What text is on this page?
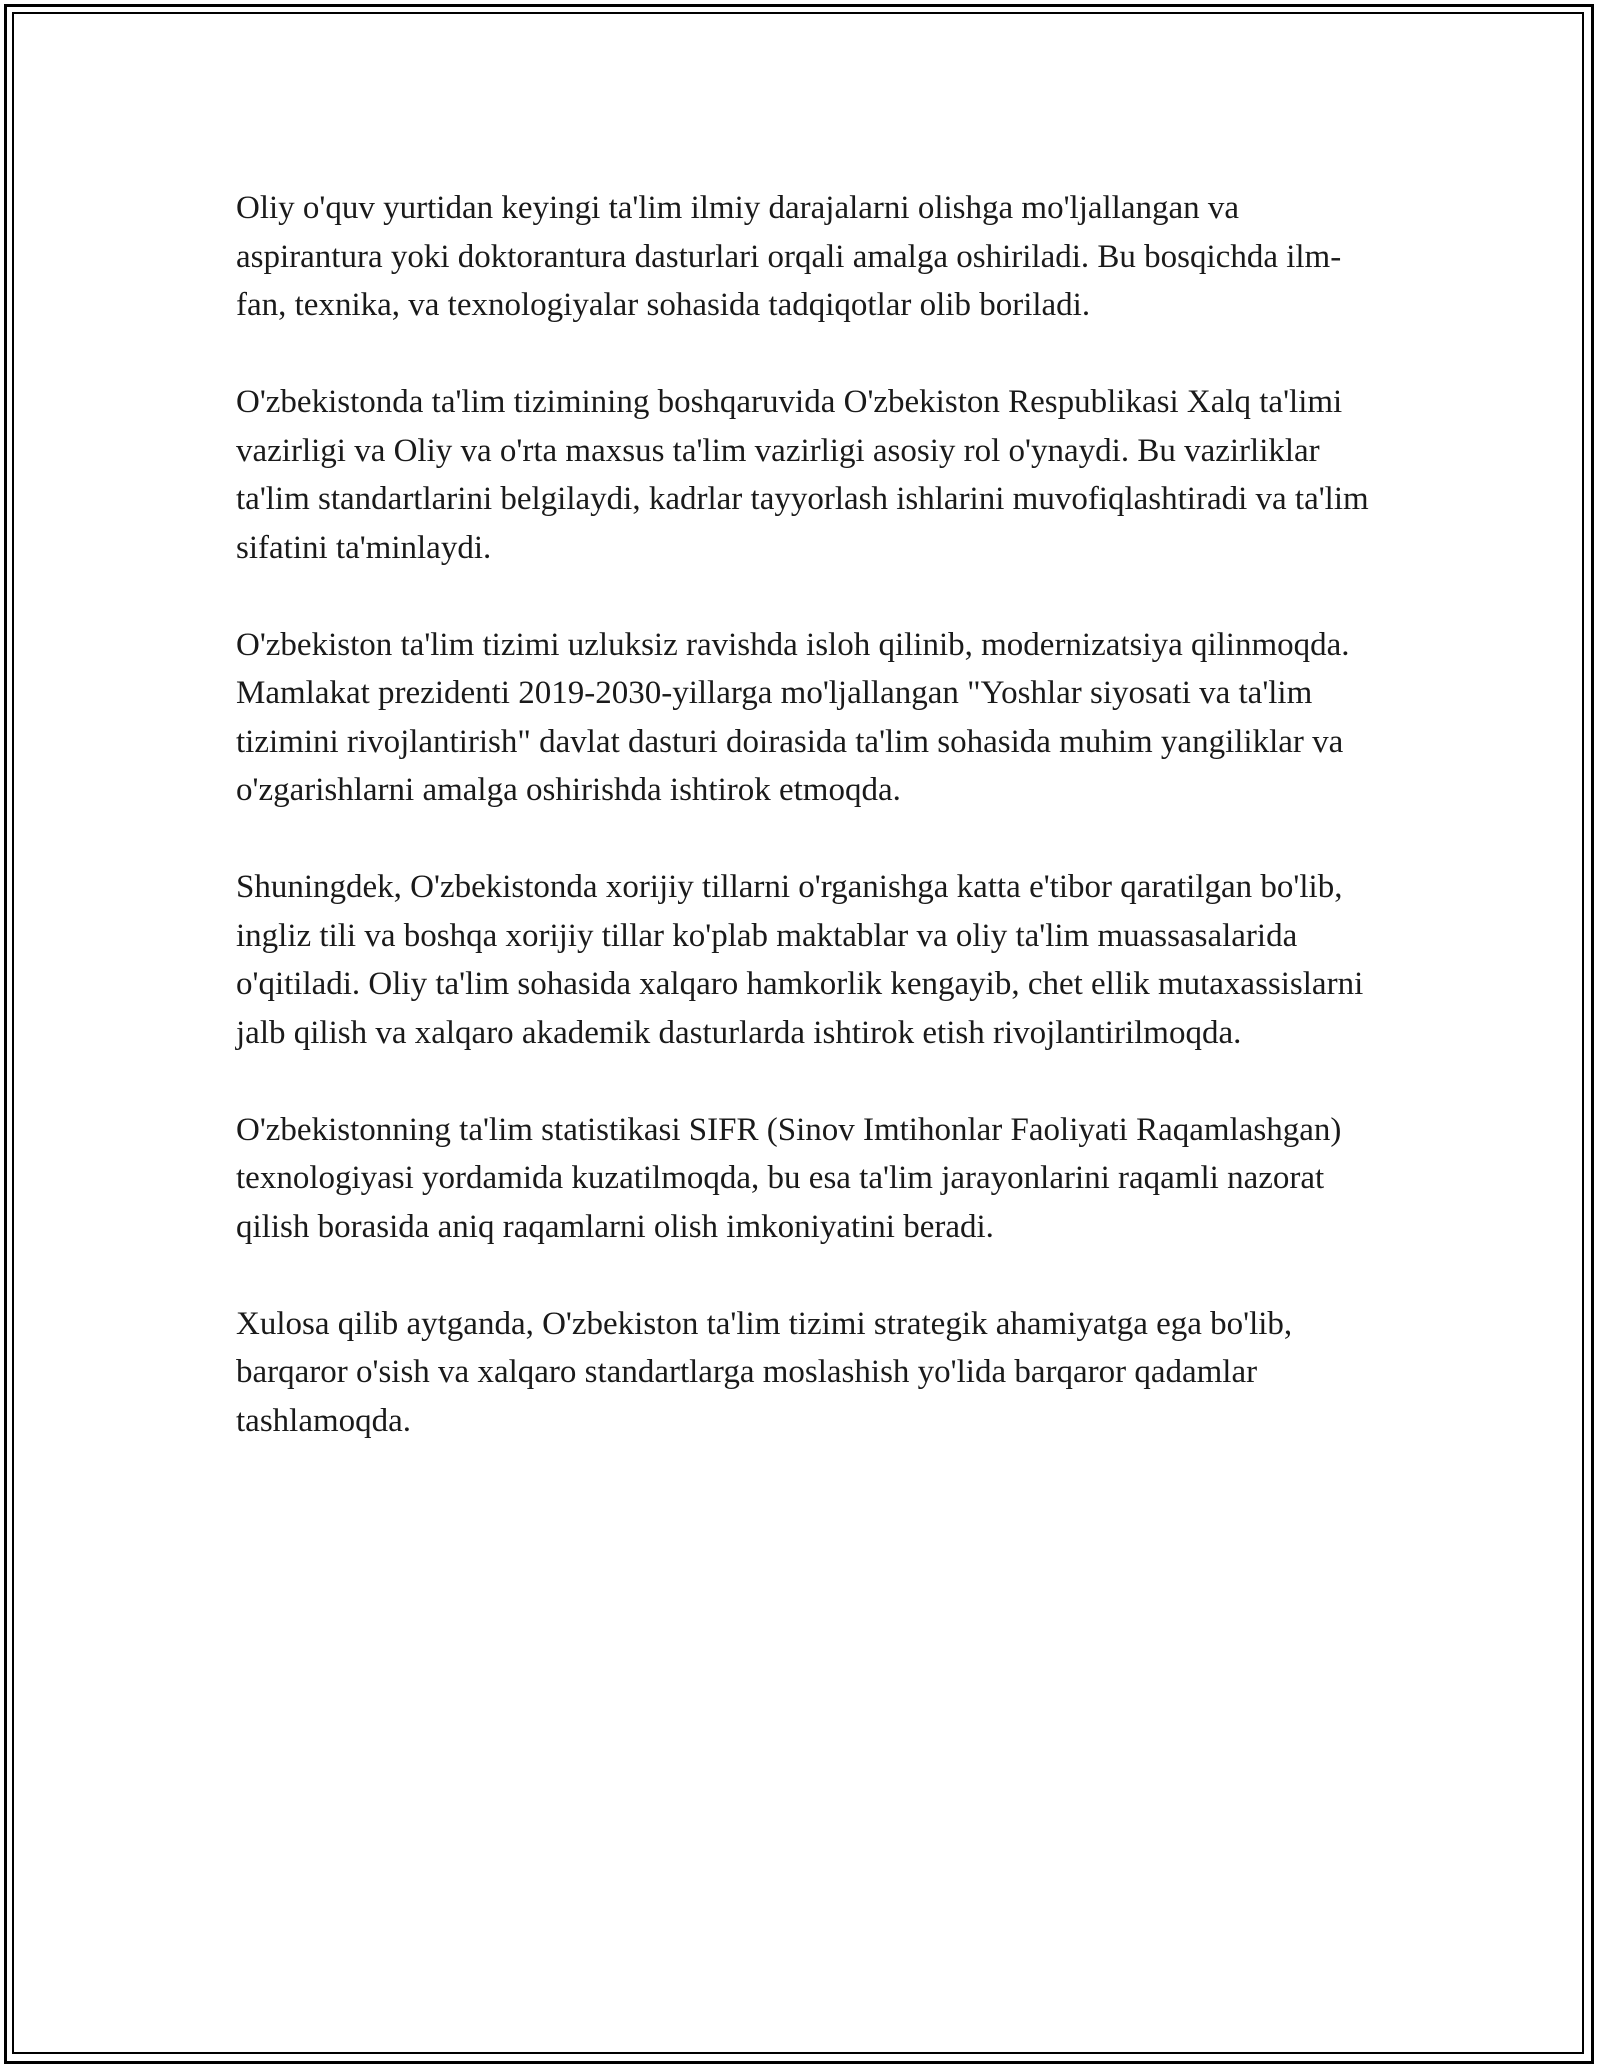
Oliy o'quv yurtidan keyingi ta'lim ilmiy darajalarni olishga mo'ljallangan va aspirantura yoki doktorantura dasturlari orqali amalga oshiriladi. Bu bosqichda ilm-fan, texnika, va texnologiyalar sohasida tadqiqotlar olib boriladi.

O'zbekistonda ta'lim tizimining boshqaruvida O'zbekiston Respublikasi Xalq ta'limi vazirligi va Oliy va o'rta maxsus ta'lim vazirligi asosiy rol o'ynaydi. Bu vazirliklar ta'lim standartlarini belgilaydi, kadrlar tayyorlash ishlarini muvofiqlashtiradi va ta'lim sifatini ta'minlaydi.

O'zbekiston ta'lim tizimi uzluksiz ravishda isloh qilinib, modernizatsiya qilinmoqda. Mamlakat prezidenti 2019-2030-yillarga mo'ljallangan "Yoshlar siyosati va ta'lim tizimini rivojlantirish" davlat dasturi doirasida ta'lim sohasida muhim yangiliklar va o'zgarishlarni amalga oshirishda ishtirok etmoqda.

Shuningdek, O'zbekistonda xorijiy tillarni o'rganishga katta e'tibor qaratilgan bo'lib, ingliz tili va boshqa xorijiy tillar ko'plab maktablar va oliy ta'lim muassasalarida o'qitiladi. Oliy ta'lim sohasida xalqaro hamkorlik kengayib, chet ellik mutaxassislarni jalb qilish va xalqaro akademik dasturlarda ishtirok etish rivojlantirilmoqda.

O'zbekistonning ta'lim statistikasi SIFR (Sinov Imtihonlar Faoliyati Raqamlashgan) texnologiyasi yordamida kuzatilmoqda, bu esa ta'lim jarayonlarini raqamli nazorat qilish borasida aniq raqamlarni olish imkoniyatini beradi.

Xulosa qilib aytganda, O'zbekiston ta'lim tizimi strategik ahamiyatga ega bo'lib, barqaror o'sish va xalqaro standartlarga moslashish yo'lida barqaror qadamlar tashlamoqda.
